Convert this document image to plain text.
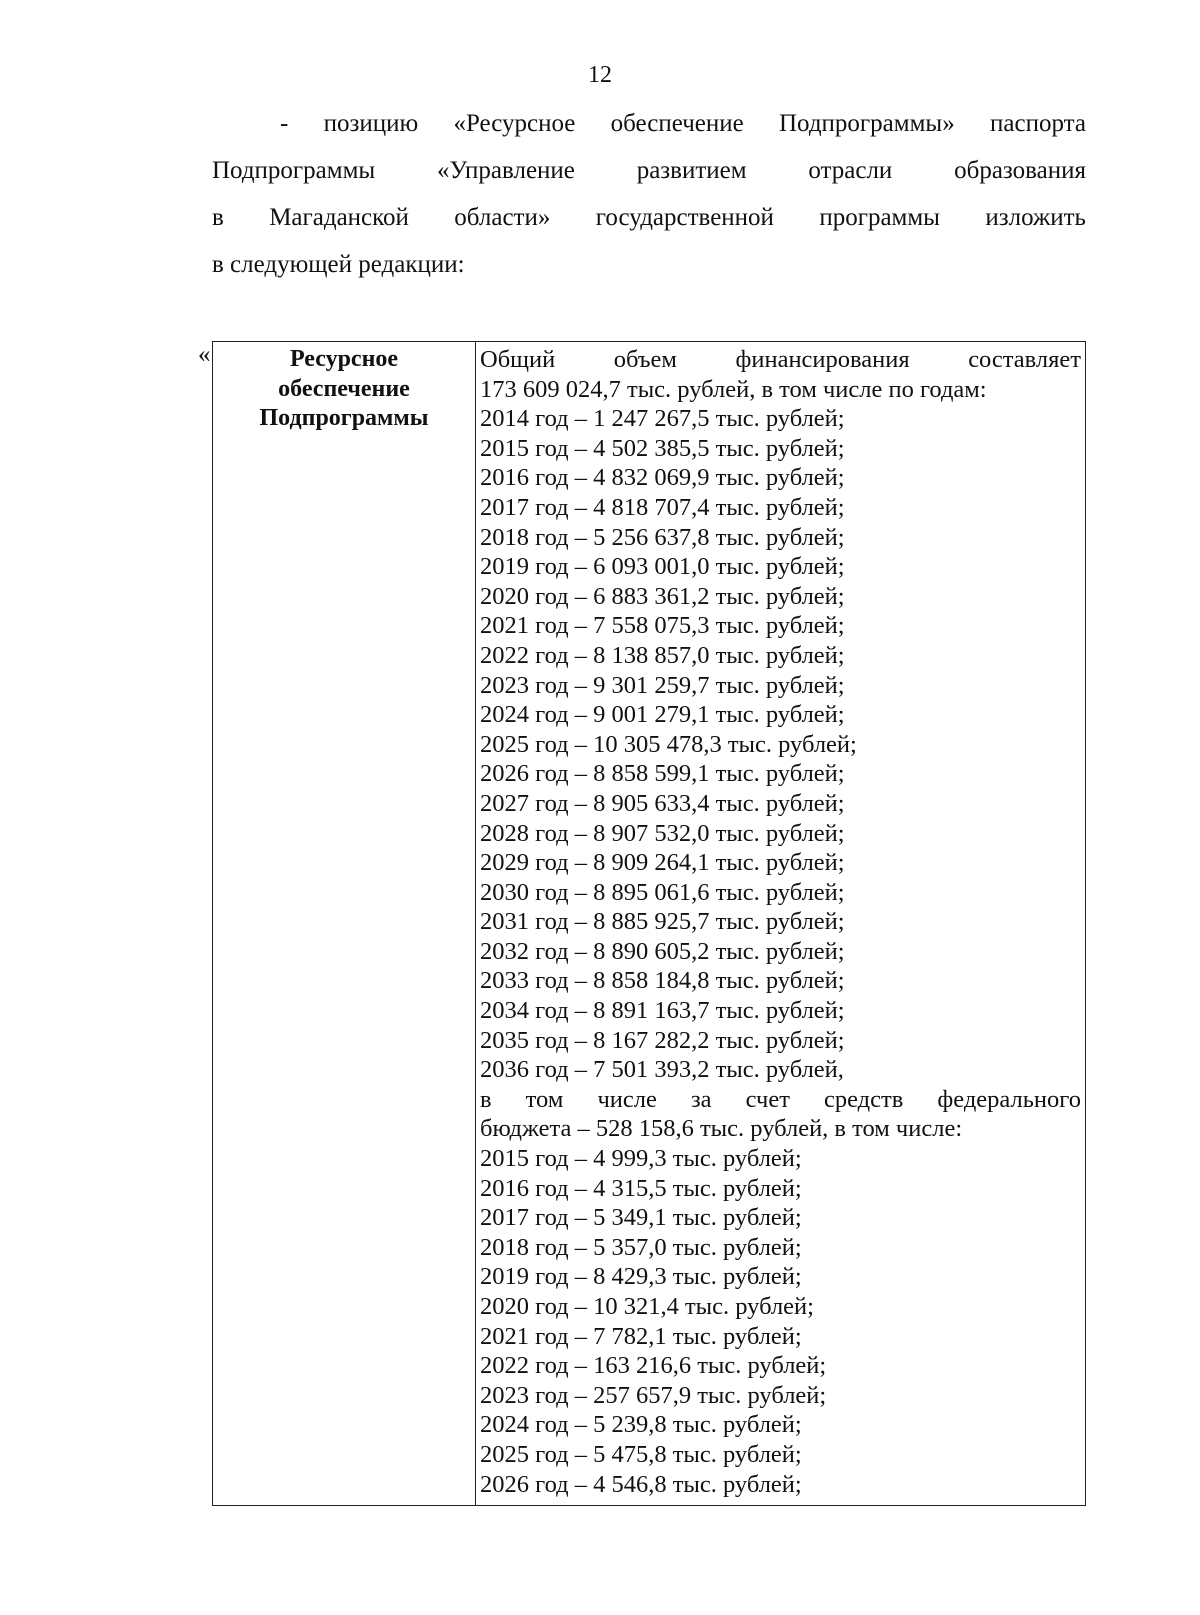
12
- позицию «Ресурсное обеспечение Подпрограммы» паспорта
Подпрограммы «Управление развитием отрасли образования
в Магаданской области» государственной программы изложить
в следующей редакции:
«	Ресурсное
обеспечение
Подпрограммы
Общий объем финансирования составляет
173 609 024,7 тыс. рублей, в том числе по годам:
2014 год – 1 247 267,5 тыс. рублей;
2015 год – 4 502 385,5 тыс. рублей;
2016 год – 4 832 069,9 тыс. рублей;
2017 год – 4 818 707,4 тыс. рублей;
2018 год – 5 256 637,8 тыс. рублей;
2019 год – 6 093 001,0 тыс. рублей;
2020 год – 6 883 361,2 тыс. рублей;
2021 год – 7 558 075,3 тыс. рублей;
2022 год – 8 138 857,0 тыс. рублей;
2023 год – 9 301 259,7 тыс. рублей;
2024 год – 9 001 279,1 тыс. рублей;
2025 год – 10 305 478,3 тыс. рублей;
2026 год – 8 858 599,1 тыс. рублей;
2027 год – 8 905 633,4 тыс. рублей;
2028 год – 8 907 532,0 тыс. рублей;
2029 год – 8 909 264,1 тыс. рублей;
2030 год – 8 895 061,6 тыс. рублей;
2031 год – 8 885 925,7 тыс. рублей;
2032 год – 8 890 605,2 тыс. рублей;
2033 год – 8 858 184,8 тыс. рублей;
2034 год – 8 891 163,7 тыс. рублей;
2035 год – 8 167 282,2 тыс. рублей;
2036 год – 7 501 393,2 тыс. рублей,
в том числе за счет средств федерального
бюджета – 528 158,6 тыс. рублей, в том числе:
2015 год – 4 999,3 тыс. рублей;
2016 год – 4 315,5 тыс. рублей;
2017 год – 5 349,1 тыс. рублей;
2018 год – 5 357,0 тыс. рублей;
2019 год – 8 429,3 тыс. рублей;
2020 год – 10 321,4 тыс. рублей;
2021 год – 7 782,1 тыс. рублей;
2022 год – 163 216,6 тыс. рублей;
2023 год – 257 657,9 тыс. рублей;
2024 год – 5 239,8 тыс. рублей;
2025 год – 5 475,8 тыс. рублей;
2026 год – 4 546,8 тыс. рублей;
